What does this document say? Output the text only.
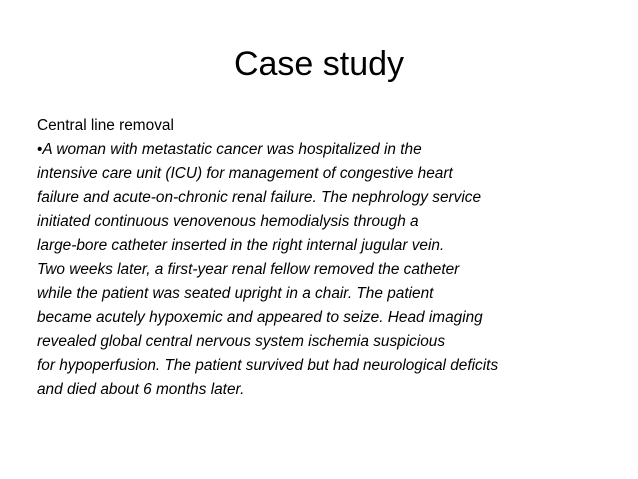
Case study
Central line removal
•A woman with metastatic cancer was hospitalized in the
intensive care unit (ICU) for management of congestive heart
failure and acute-on-chronic renal failure. The nephrology service
initiated continuous venovenous hemodialysis through a
large-bore catheter inserted in the right internal jugular vein.
Two weeks later, a first-year renal fellow removed the catheter
while the patient was seated upright in a chair. The patient
became acutely hypoxemic and appeared to seize. Head imaging
revealed global central nervous system ischemia suspicious
for hypoperfusion. The patient survived but had neurological deficits
and died about 6 months later.
